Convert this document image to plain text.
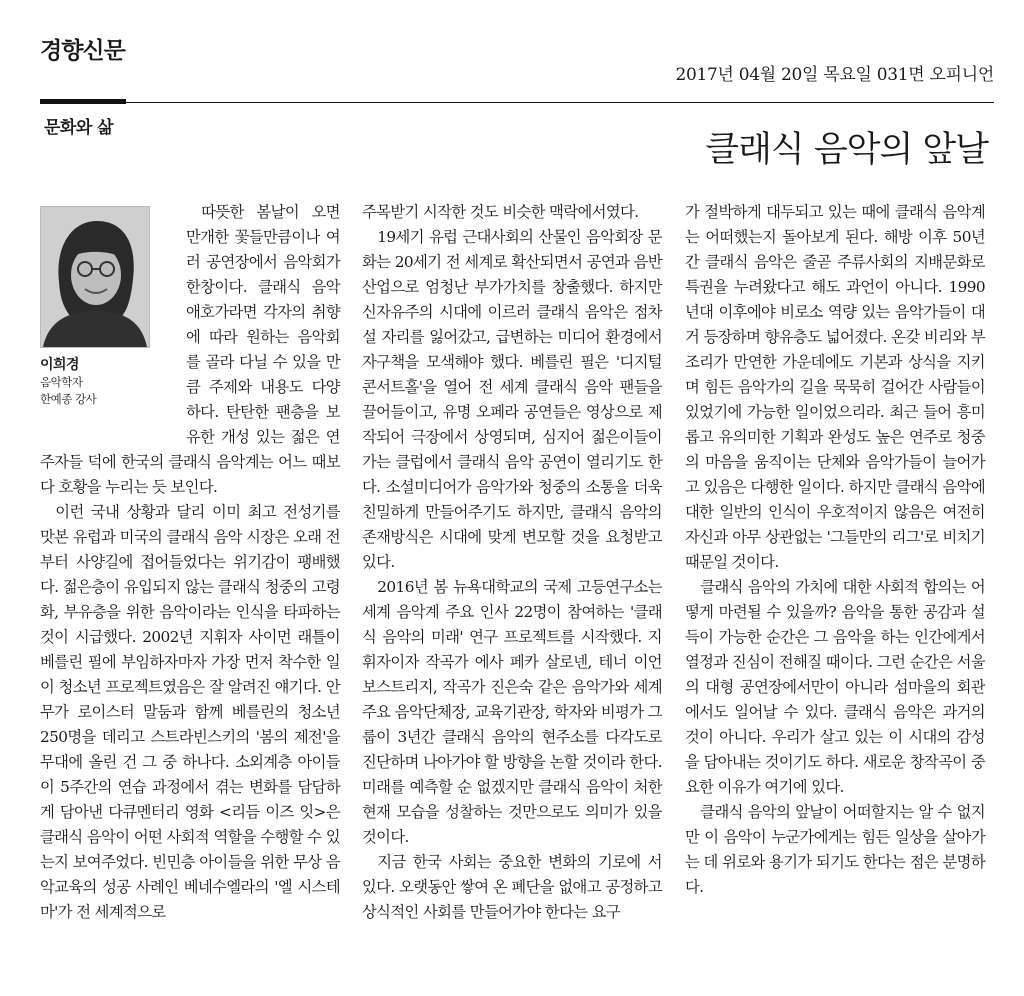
경향신문
2017년 04월 20일 목요일 031면 오피니언
문화와 삶
클래식 음악의 앞날
이희경
음악학자
한예종 강사

따뜻한 봄날이 오면 만개한 꽃들만큼이나 여러 공연장에서 음악회가 한창이다. 클래식 음악 애호가라면 각자의 취향에 따라 원하는 음악회를 골라 다닐 수 있을 만큼 주제와 내용도 다양하다. 탄탄한 팬층을 보유한 개성 있는 젊은 연주자들 덕에 한국의 클래식 음악계는 어느 때보다 호황을 누리는 듯 보인다.

이런 국내 상황과 달리 이미 최고 전성기를 맛본 유럽과 미국의 클래식 음악 시장은 오래 전부터 사양길에 접어들었다는 위기감이 팽배했다. 젊은층이 유입되지 않는 클래식 청중의 고령화, 부유층을 위한 음악이라는 인식을 타파하는 것이 시급했다. 2002년 지휘자 사이먼 래틀이 베를린 필에 부임하자마자 가장 먼저 착수한 일이 청소년 프로젝트였음은 잘 알려진 얘기다. 안무가 로이스터 말둠과 함께 베를린의 청소년 250명을 데리고 스트라빈스키의 '봄의 제전'을 무대에 올린 건 그 중 하나다. 소외계층 아이들이 5주간의 연습 과정에서 겪는 변화를 담담하게 담아낸 다큐멘터리 영화 <리듬 이즈 잇>은 클래식 음악이 어떤 사회적 역할을 수행할 수 있는지 보여주었다. 빈민층 아이들을 위한 무상 음악교육의 성공 사례인 베네수엘라의 '엘 시스테마'가 전 세계적으로

주목받기 시작한 것도 비슷한 맥락에서였다.

19세기 유럽 근대사회의 산물인 음악회장 문화는 20세기 전 세계로 확산되면서 공연과 음반 산업으로 엄청난 부가가치를 창출했다. 하지만 신자유주의 시대에 이르러 클래식 음악은 점차 설 자리를 잃어갔고, 급변하는 미디어 환경에서 자구책을 모색해야 했다. 베를린 필은 '디지털 콘서트홀'을 열어 전 세계 클래식 음악 팬들을 끌어들이고, 유명 오페라 공연들은 영상으로 제작되어 극장에서 상영되며, 심지어 젊은이들이 가는 클럽에서 클래식 음악 공연이 열리기도 한다. 소셜미디어가 음악가와 청중의 소통을 더욱 친밀하게 만들어주기도 하지만, 클래식 음악의 존재방식은 시대에 맞게 변모할 것을 요청받고 있다.

2016년 봄 뉴욕대학교의 국제 고등연구소는 세계 음악계 주요 인사 22명이 참여하는 '클래식 음악의 미래' 연구 프로젝트를 시작했다. 지휘자이자 작곡가 에사 페카 살로넨, 테너 이언 보스트리지, 작곡가 진은숙 같은 음악가와 세계 주요 음악단체장, 교육기관장, 학자와 비평가 그룹이 3년간 클래식 음악의 현주소를 다각도로 진단하며 나아가야 할 방향을 논할 것이라 한다. 미래를 예측할 순 없겠지만 클래식 음악이 처한 현재 모습을 성찰하는 것만으로도 의미가 있을 것이다.

지금 한국 사회는 중요한 변화의 기로에 서 있다. 오랫동안 쌓여 온 폐단을 없애고 공정하고 상식적인 사회를 만들어가야 한다는 요구

가 절박하게 대두되고 있는 때에 클래식 음악계는 어떠했는지 돌아보게 된다. 해방 이후 50년간 클래식 음악은 줄곧 주류사회의 지배문화로 특권을 누려왔다고 해도 과언이 아니다. 1990년대 이후에야 비로소 역량 있는 음악가들이 대거 등장하며 향유층도 넓어졌다. 온갖 비리와 부조리가 만연한 가운데에도 기본과 상식을 지키며 힘든 음악가의 길을 묵묵히 걸어간 사람들이 있었기에 가능한 일이었으리라. 최근 들어 흥미롭고 유의미한 기획과 완성도 높은 연주로 청중의 마음을 움직이는 단체와 음악가들이 늘어가고 있음은 다행한 일이다. 하지만 클래식 음악에 대한 일반의 인식이 우호적이지 않음은 여전히 자신과 아무 상관없는 '그들만의 리그'로 비치기 때문일 것이다.

클래식 음악의 가치에 대한 사회적 합의는 어떻게 마련될 수 있을까? 음악을 통한 공감과 설득이 가능한 순간은 그 음악을 하는 인간에게서 열정과 진심이 전해질 때이다. 그런 순간은 서울의 대형 공연장에서만이 아니라 섬마을의 회관에서도 일어날 수 있다. 클래식 음악은 과거의 것이 아니다. 우리가 살고 있는 이 시대의 감성을 담아내는 것이기도 하다. 새로운 창작곡이 중요한 이유가 여기에 있다.

클래식 음악의 앞날이 어떠할지는 알 수 없지만 이 음악이 누군가에게는 힘든 일상을 살아가는 데 위로와 용기가 되기도 한다는 점은 분명하다.
